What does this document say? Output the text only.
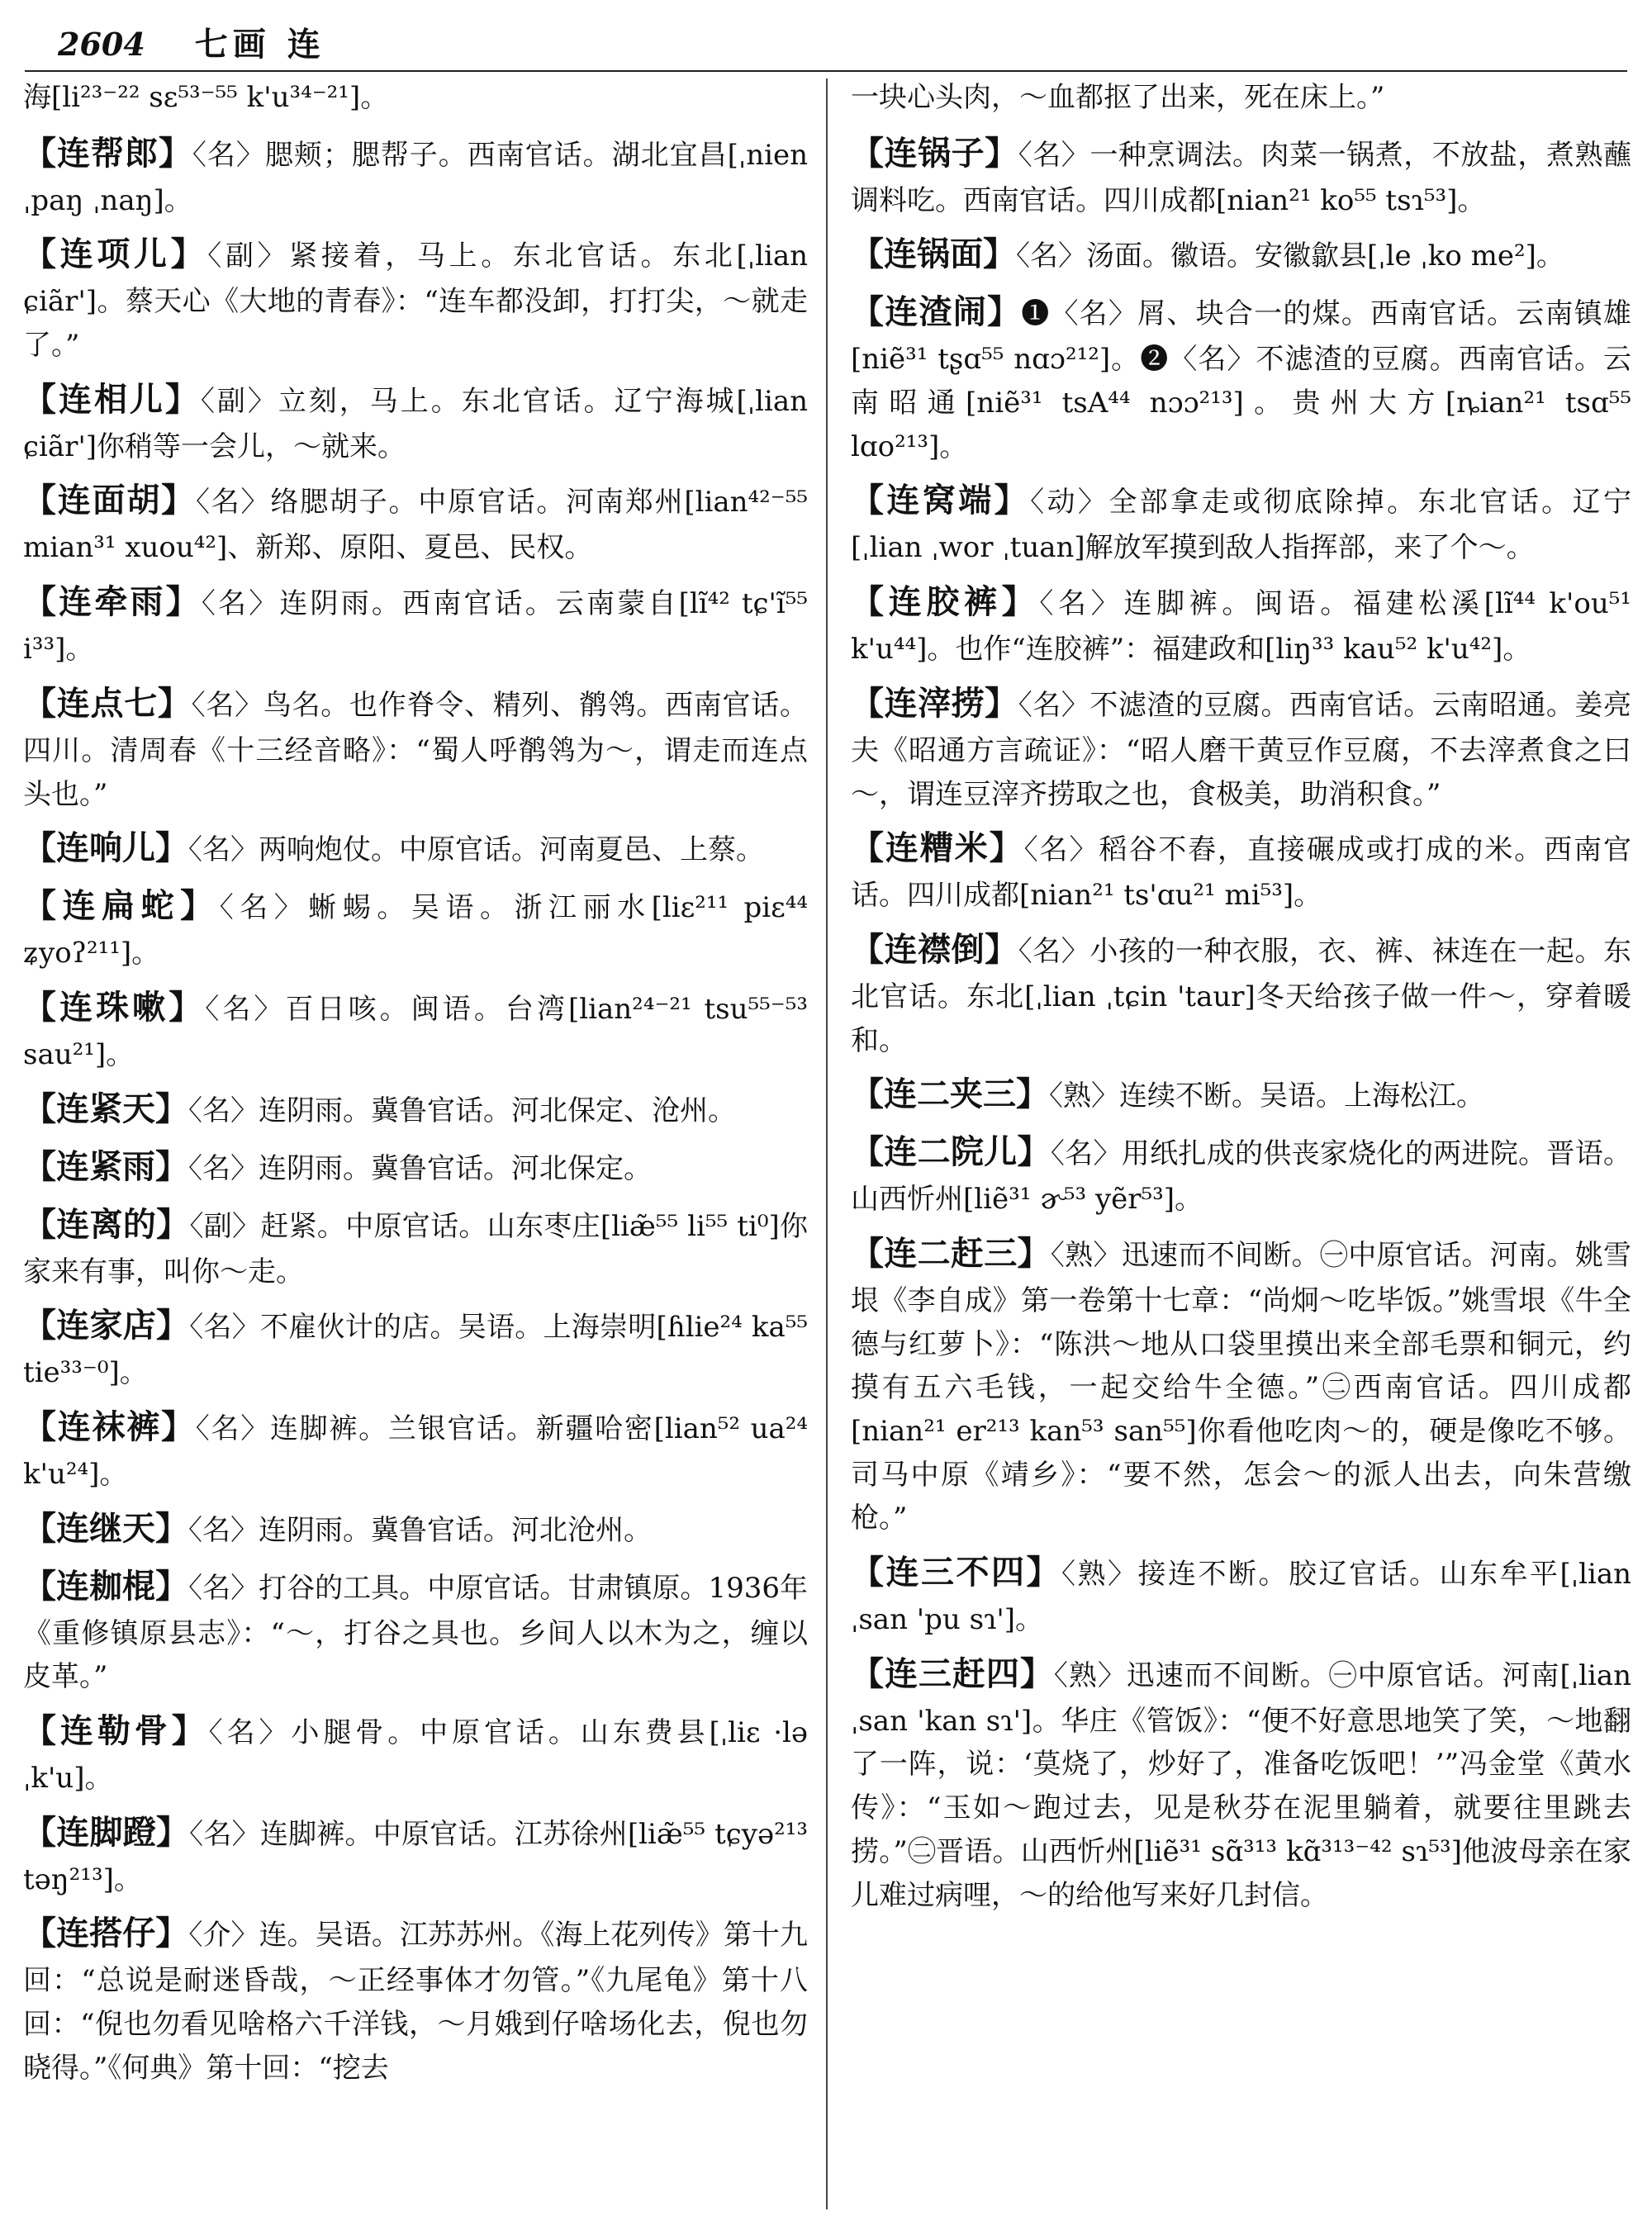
2604 七画 连

海[li²³⁻²² sɛ⁵³⁻⁵⁵ k'u³⁴⁻²¹]。

【连帮郎】〈名〉腮颊；腮帮子。西南官话。湖北宜昌[ˌnien ˌpaŋ ˌnaŋ]。

【连项儿】〈副〉紧接着，马上。东北官话。东北[ˌlian ɕiãr']。蔡天心《大地的青春》：“连车都没卸，打打尖，～就走了。”

【连相儿】〈副〉立刻，马上。东北官话。辽宁海城[ˌlian ɕiãr']你稍等一会儿，～就来。

【连面胡】〈名〉络腮胡子。中原官话。河南郑州[lian⁴²⁻⁵⁵ mian³¹ xuou⁴²]、新郑、原阳、夏邑、民权。

【连牵雨】〈名〉连阴雨。西南官话。云南蒙自[lĩ⁴² tɕ'ĩ⁵⁵ i³³]。

【连点七】〈名〉鸟名。也作脊令、精列、鹡鸰。西南官话。四川。清周春《十三经音略》：“蜀人呼鹡鸰为～，谓走而连点头也。”

【连响儿】〈名〉两响炮仗。中原官话。河南夏邑、上蔡。

【连扁蛇】〈名〉蜥蜴。吴语。浙江丽水[liɛ²¹¹ piɛ⁴⁴ ʑyoʔ²¹¹]。

【连珠嗽】〈名〉百日咳。闽语。台湾[lian²⁴⁻²¹ tsu⁵⁵⁻⁵³ sau²¹]。

【连紧天】〈名〉连阴雨。冀鲁官话。河北保定、沧州。

【连紧雨】〈名〉连阴雨。冀鲁官话。河北保定。

【连离的】〈副〉赶紧。中原官话。山东枣庄[liæ̃⁵⁵ li⁵⁵ ti⁰]你家来有事，叫你～走。

【连家店】〈名〉不雇伙计的店。吴语。上海崇明[ɦlie²⁴ ka⁵⁵ tie³³⁻⁰]。

【连袜裤】〈名〉连脚裤。兰银官话。新疆哈密[lian⁵² ua²⁴ k'u²⁴]。

【连继天】〈名〉连阴雨。冀鲁官话。河北沧州。

【连耞棍】〈名〉打谷的工具。中原官话。甘肃镇原。1936年《重修镇原县志》：“～，打谷之具也。乡间人以木为之，缠以皮革。”

【连勒骨】〈名〉小腿骨。中原官话。山东费县[ˌliɛ ·lə ˌk'u]。

【连脚蹬】〈名〉连脚裤。中原官话。江苏徐州[liæ̃⁵⁵ tɕyə²¹³ təŋ²¹³]。

【连搭仔】〈介〉连。吴语。江苏苏州。《海上花列传》第十九回：“总说是耐迷昏哉，～正经事体才勿管。”《九尾龟》第十八回：“倪也勿看见啥格六千洋钱，～月娥到仔啥场化去，倪也勿晓得。”《何典》第十回：“挖去

一块心头肉，～血都抠了出来，死在床上。”

【连锅子】〈名〉一种烹调法。肉菜一锅煮，不放盐，煮熟蘸调料吃。西南官话。四川成都[nian²¹ ko⁵⁵ tsɿ⁵³]。

【连锅面】〈名〉汤面。徽语。安徽歙县[ˌle ˌko me²]。

【连渣闹】❶〈名〉屑、块合一的煤。西南官话。云南镇雄[niẽ³¹ tʂɑ⁵⁵ nɑɔ²¹²]。❷〈名〉不滤渣的豆腐。西南官话。云南昭通[niẽ³¹ tsA⁴⁴ nɔɔ²¹³]。贵州大方[ȵian²¹ tsɑ⁵⁵ lɑo²¹³]。

【连窝端】〈动〉全部拿走或彻底除掉。东北官话。辽宁[ˌlian ˌwor ˌtuan]解放军摸到敌人指挥部，来了个～。

【连胶裤】〈名〉连脚裤。闽语。福建松溪[lĩ⁴⁴ k'ou⁵¹ k'u⁴⁴]。也作“连胶裤”：福建政和[liŋ³³ kau⁵² k'u⁴²]。

【连滓捞】〈名〉不滤渣的豆腐。西南官话。云南昭通。姜亮夫《昭通方言疏证》：“昭人磨干黄豆作豆腐，不去滓煮食之曰～，谓连豆滓齐捞取之也，食极美，助消积食。”

【连糟米】〈名〉稻谷不舂，直接碾成或打成的米。西南官话。四川成都[nian²¹ ts'ɑu²¹ mi⁵³]。

【连襟倒】〈名〉小孩的一种衣服，衣、裤、袜连在一起。东北官话。东北[ˌlian ˌtɕin 'taur]冬天给孩子做一件～，穿着暖和。

【连二夹三】〈熟〉连续不断。吴语。上海松江。

【连二院儿】〈名〉用纸扎成的供丧家烧化的两进院。晋语。山西忻州[liẽ³¹ ɚ⁵³ yẽr⁵³]。

【连二赶三】〈熟〉迅速而不间断。㊀中原官话。河南。姚雪垠《李自成》第一卷第十七章：“尚炯～吃毕饭。”姚雪垠《牛全德与红萝卜》：“陈洪～地从口袋里摸出来全部毛票和铜元，约摸有五六毛钱，一起交给牛全德。”㊁西南官话。四川成都[nian²¹ er²¹³ kan⁵³ san⁵⁵]你看他吃肉～的，硬是像吃不够。司马中原《靖乡》：“要不然，怎会～的派人出去，向朱营缴枪。”

【连三不四】〈熟〉接连不断。胶辽官话。山东牟平[ˌlian ˌsan 'pu sɿ']。

【连三赶四】〈熟〉迅速而不间断。㊀中原官话。河南[ˌlian ˌsan 'kan sɿ']。华庄《管饭》：“便不好意思地笑了笑，～地翻了一阵，说：‘莫烧了，炒好了，准备吃饭吧！’”冯金堂《黄水传》：“玉如～跑过去，见是秋芬在泥里躺着，就要往里跳去捞。”㊁晋语。山西忻州[liẽ³¹ sɑ̃³¹³ kɑ̃³¹³⁻⁴² sɿ⁵³]他波母亲在家儿难过病哩，～的给他写来好几封信。
